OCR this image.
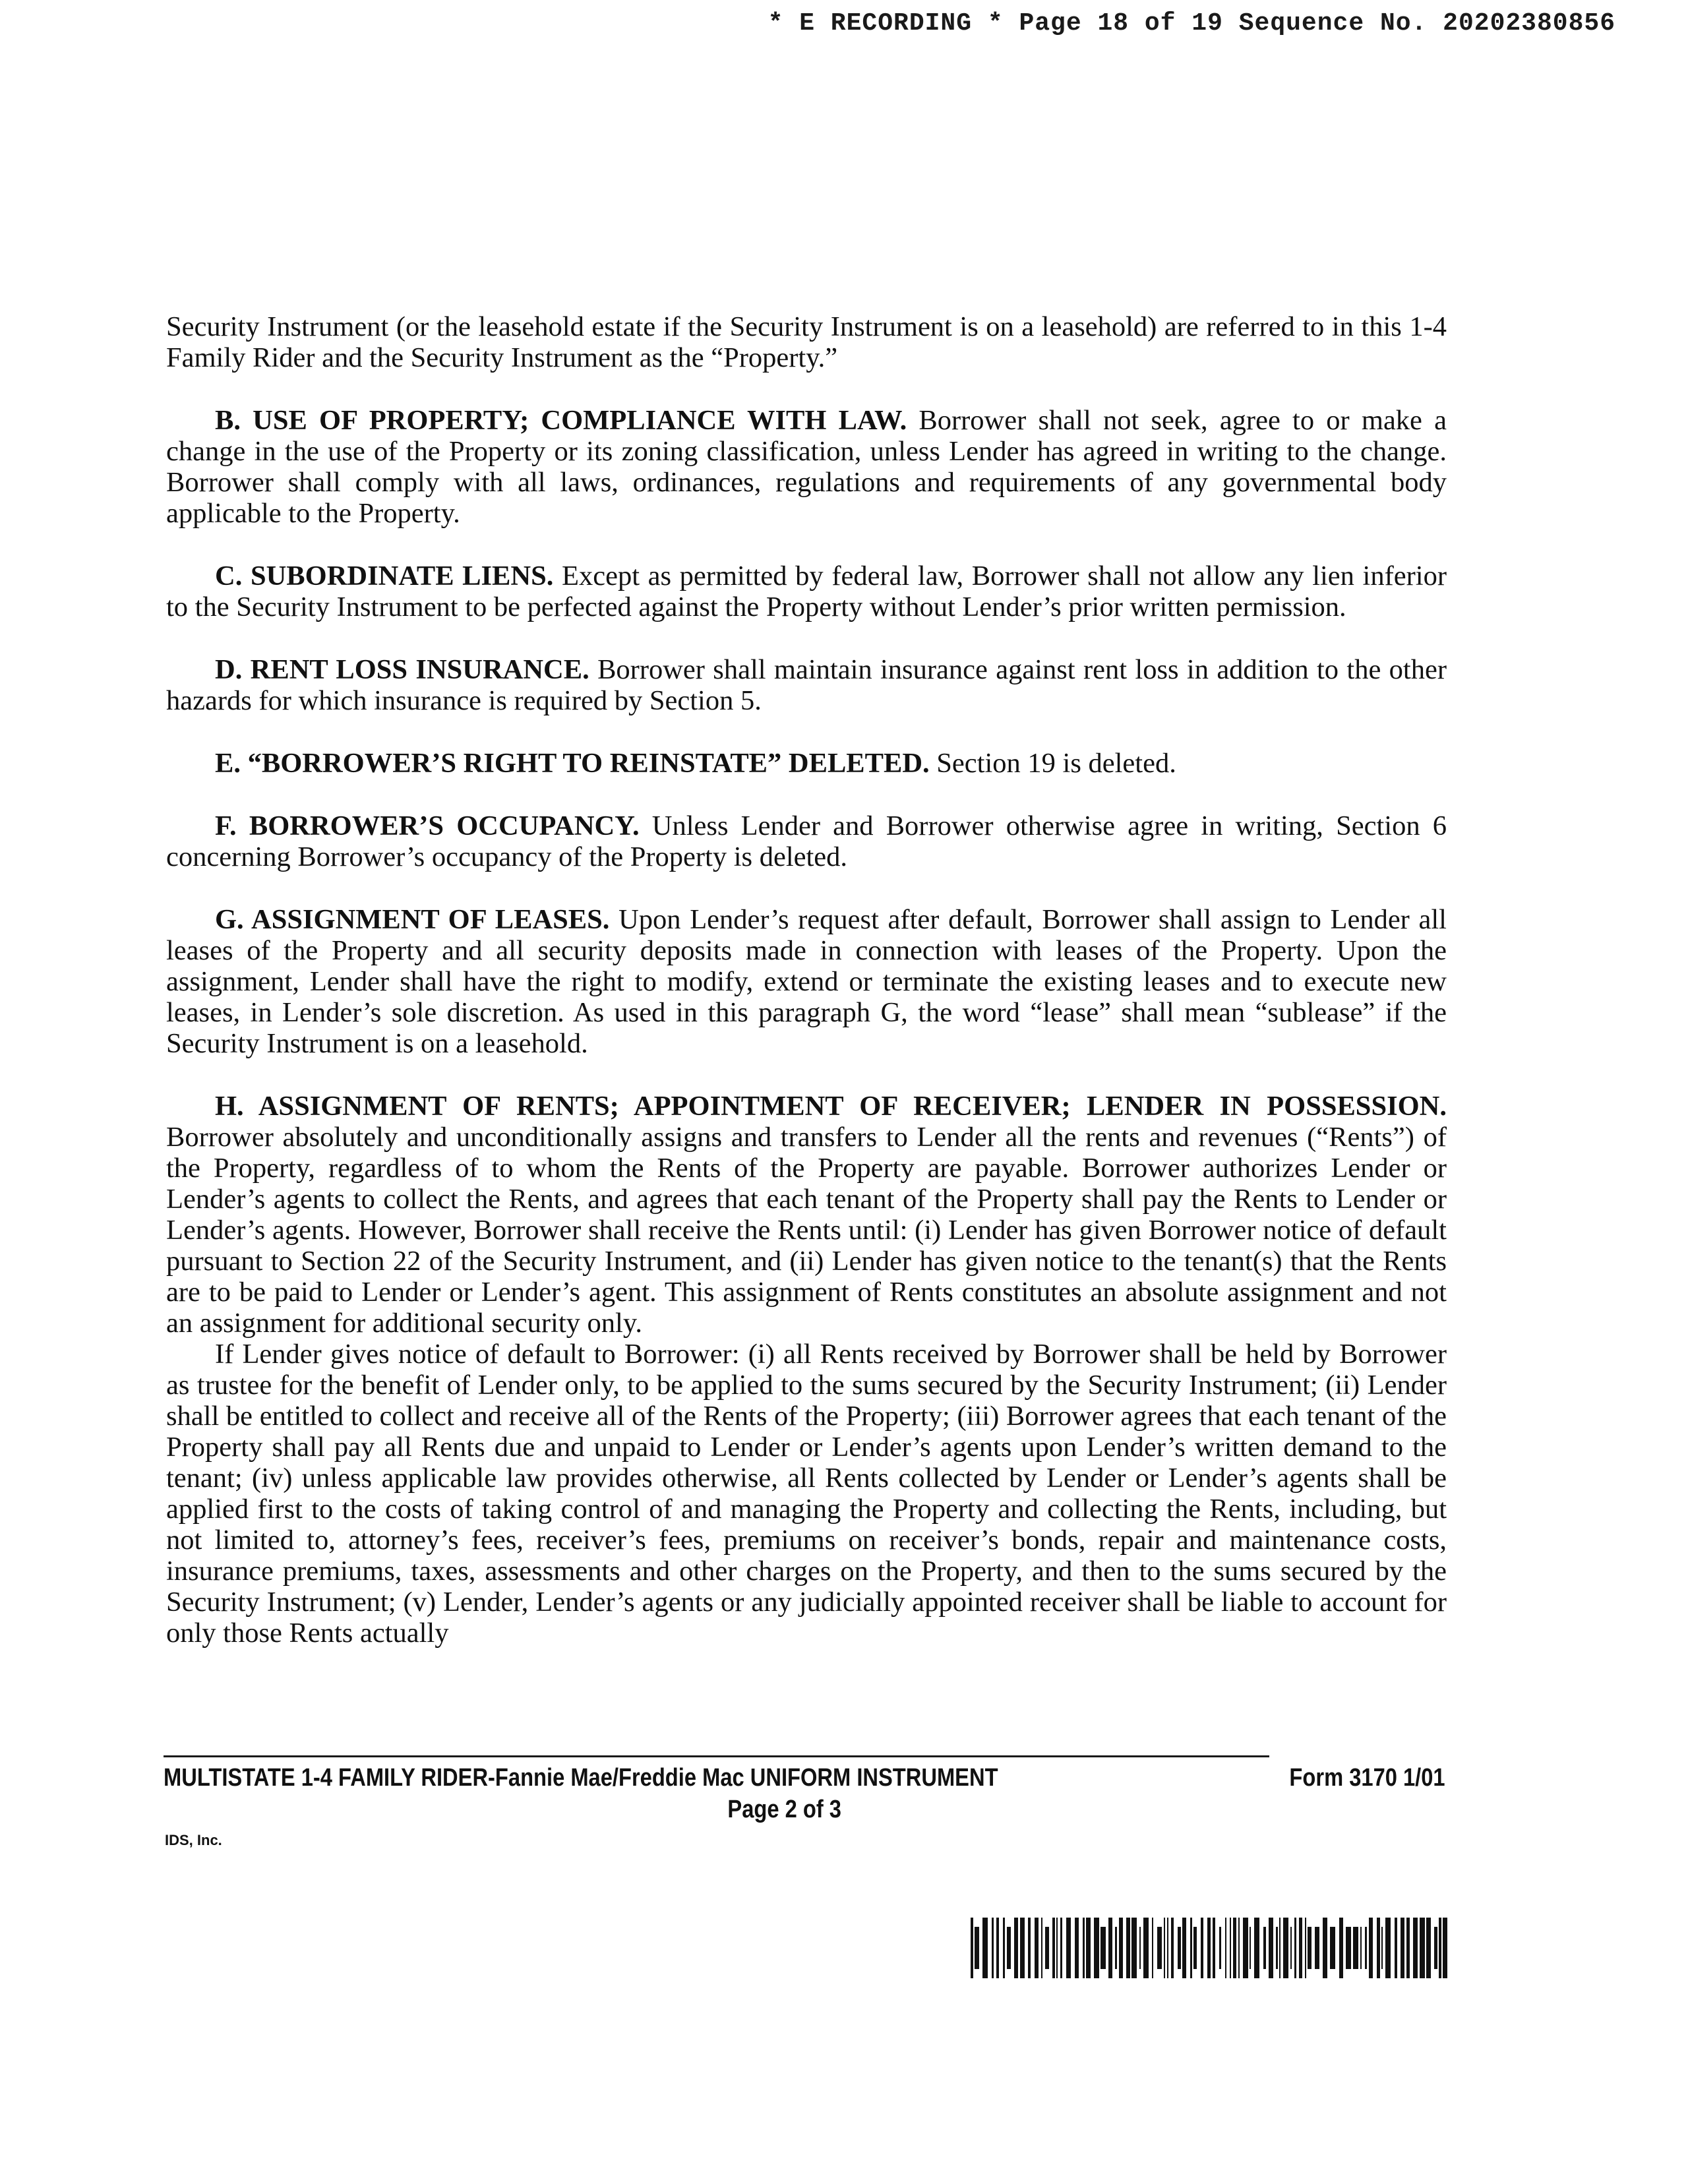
* E RECORDING * Page 18 of 19 Sequence No. 20202380856

Security Instrument (or the leasehold estate if the Security Instrument is on a leasehold) are referred to in this 1-4 Family Rider and the Security Instrument as the “Property.”

B. USE OF PROPERTY; COMPLIANCE WITH LAW. Borrower shall not seek, agree to or make a change in the use of the Property or its zoning classification, unless Lender has agreed in writing to the change. Borrower shall comply with all laws, ordinances, regulations and requirements of any governmental body applicable to the Property.

C. SUBORDINATE LIENS. Except as permitted by federal law, Borrower shall not allow any lien inferior to the Security Instrument to be perfected against the Property without Lender’s prior written permission.

D. RENT LOSS INSURANCE. Borrower shall maintain insurance against rent loss in addition to the other hazards for which insurance is required by Section 5.

E. “BORROWER’S RIGHT TO REINSTATE” DELETED. Section 19 is deleted.

F. BORROWER’S OCCUPANCY. Unless Lender and Borrower otherwise agree in writing, Section 6 concerning Borrower’s occupancy of the Property is deleted.

G. ASSIGNMENT OF LEASES. Upon Lender’s request after default, Borrower shall assign to Lender all leases of the Property and all security deposits made in connection with leases of the Property. Upon the assignment, Lender shall have the right to modify, extend or terminate the existing leases and to execute new leases, in Lender’s sole discretion. As used in this paragraph G, the word “lease” shall mean “sublease” if the Security Instrument is on a leasehold.

H. ASSIGNMENT OF RENTS; APPOINTMENT OF RECEIVER; LENDER IN POSSESSION. Borrower absolutely and unconditionally assigns and transfers to Lender all the rents and revenues (“Rents”) of the Property, regardless of to whom the Rents of the Property are payable. Borrower authorizes Lender or Lender’s agents to collect the Rents, and agrees that each tenant of the Property shall pay the Rents to Lender or Lender’s agents. However, Borrower shall receive the Rents until: (i) Lender has given Borrower notice of default pursuant to Section 22 of the Security Instrument, and (ii) Lender has given notice to the tenant(s) that the Rents are to be paid to Lender or Lender’s agent. This assignment of Rents constitutes an absolute assignment and not an assignment for additional security only.

If Lender gives notice of default to Borrower: (i) all Rents received by Borrower shall be held by Borrower as trustee for the benefit of Lender only, to be applied to the sums secured by the Security Instrument; (ii) Lender shall be entitled to collect and receive all of the Rents of the Property; (iii) Borrower agrees that each tenant of the Property shall pay all Rents due and unpaid to Lender or Lender’s agents upon Lender’s written demand to the tenant; (iv) unless applicable law provides otherwise, all Rents collected by Lender or Lender’s agents shall be applied first to the costs of taking control of and managing the Property and collecting the Rents, including, but not limited to, attorney’s fees, receiver’s fees, premiums on receiver’s bonds, repair and maintenance costs, insurance premiums, taxes, assessments and other charges on the Property, and then to the sums secured by the Security Instrument; (v) Lender, Lender’s agents or any judicially appointed receiver shall be liable to account for only those Rents actually

MULTISTATE 1-4 FAMILY RIDER-Fannie Mae/Freddie Mac UNIFORM INSTRUMENT	Form 3170 1/01
Page 2 of 3
IDS, Inc.
